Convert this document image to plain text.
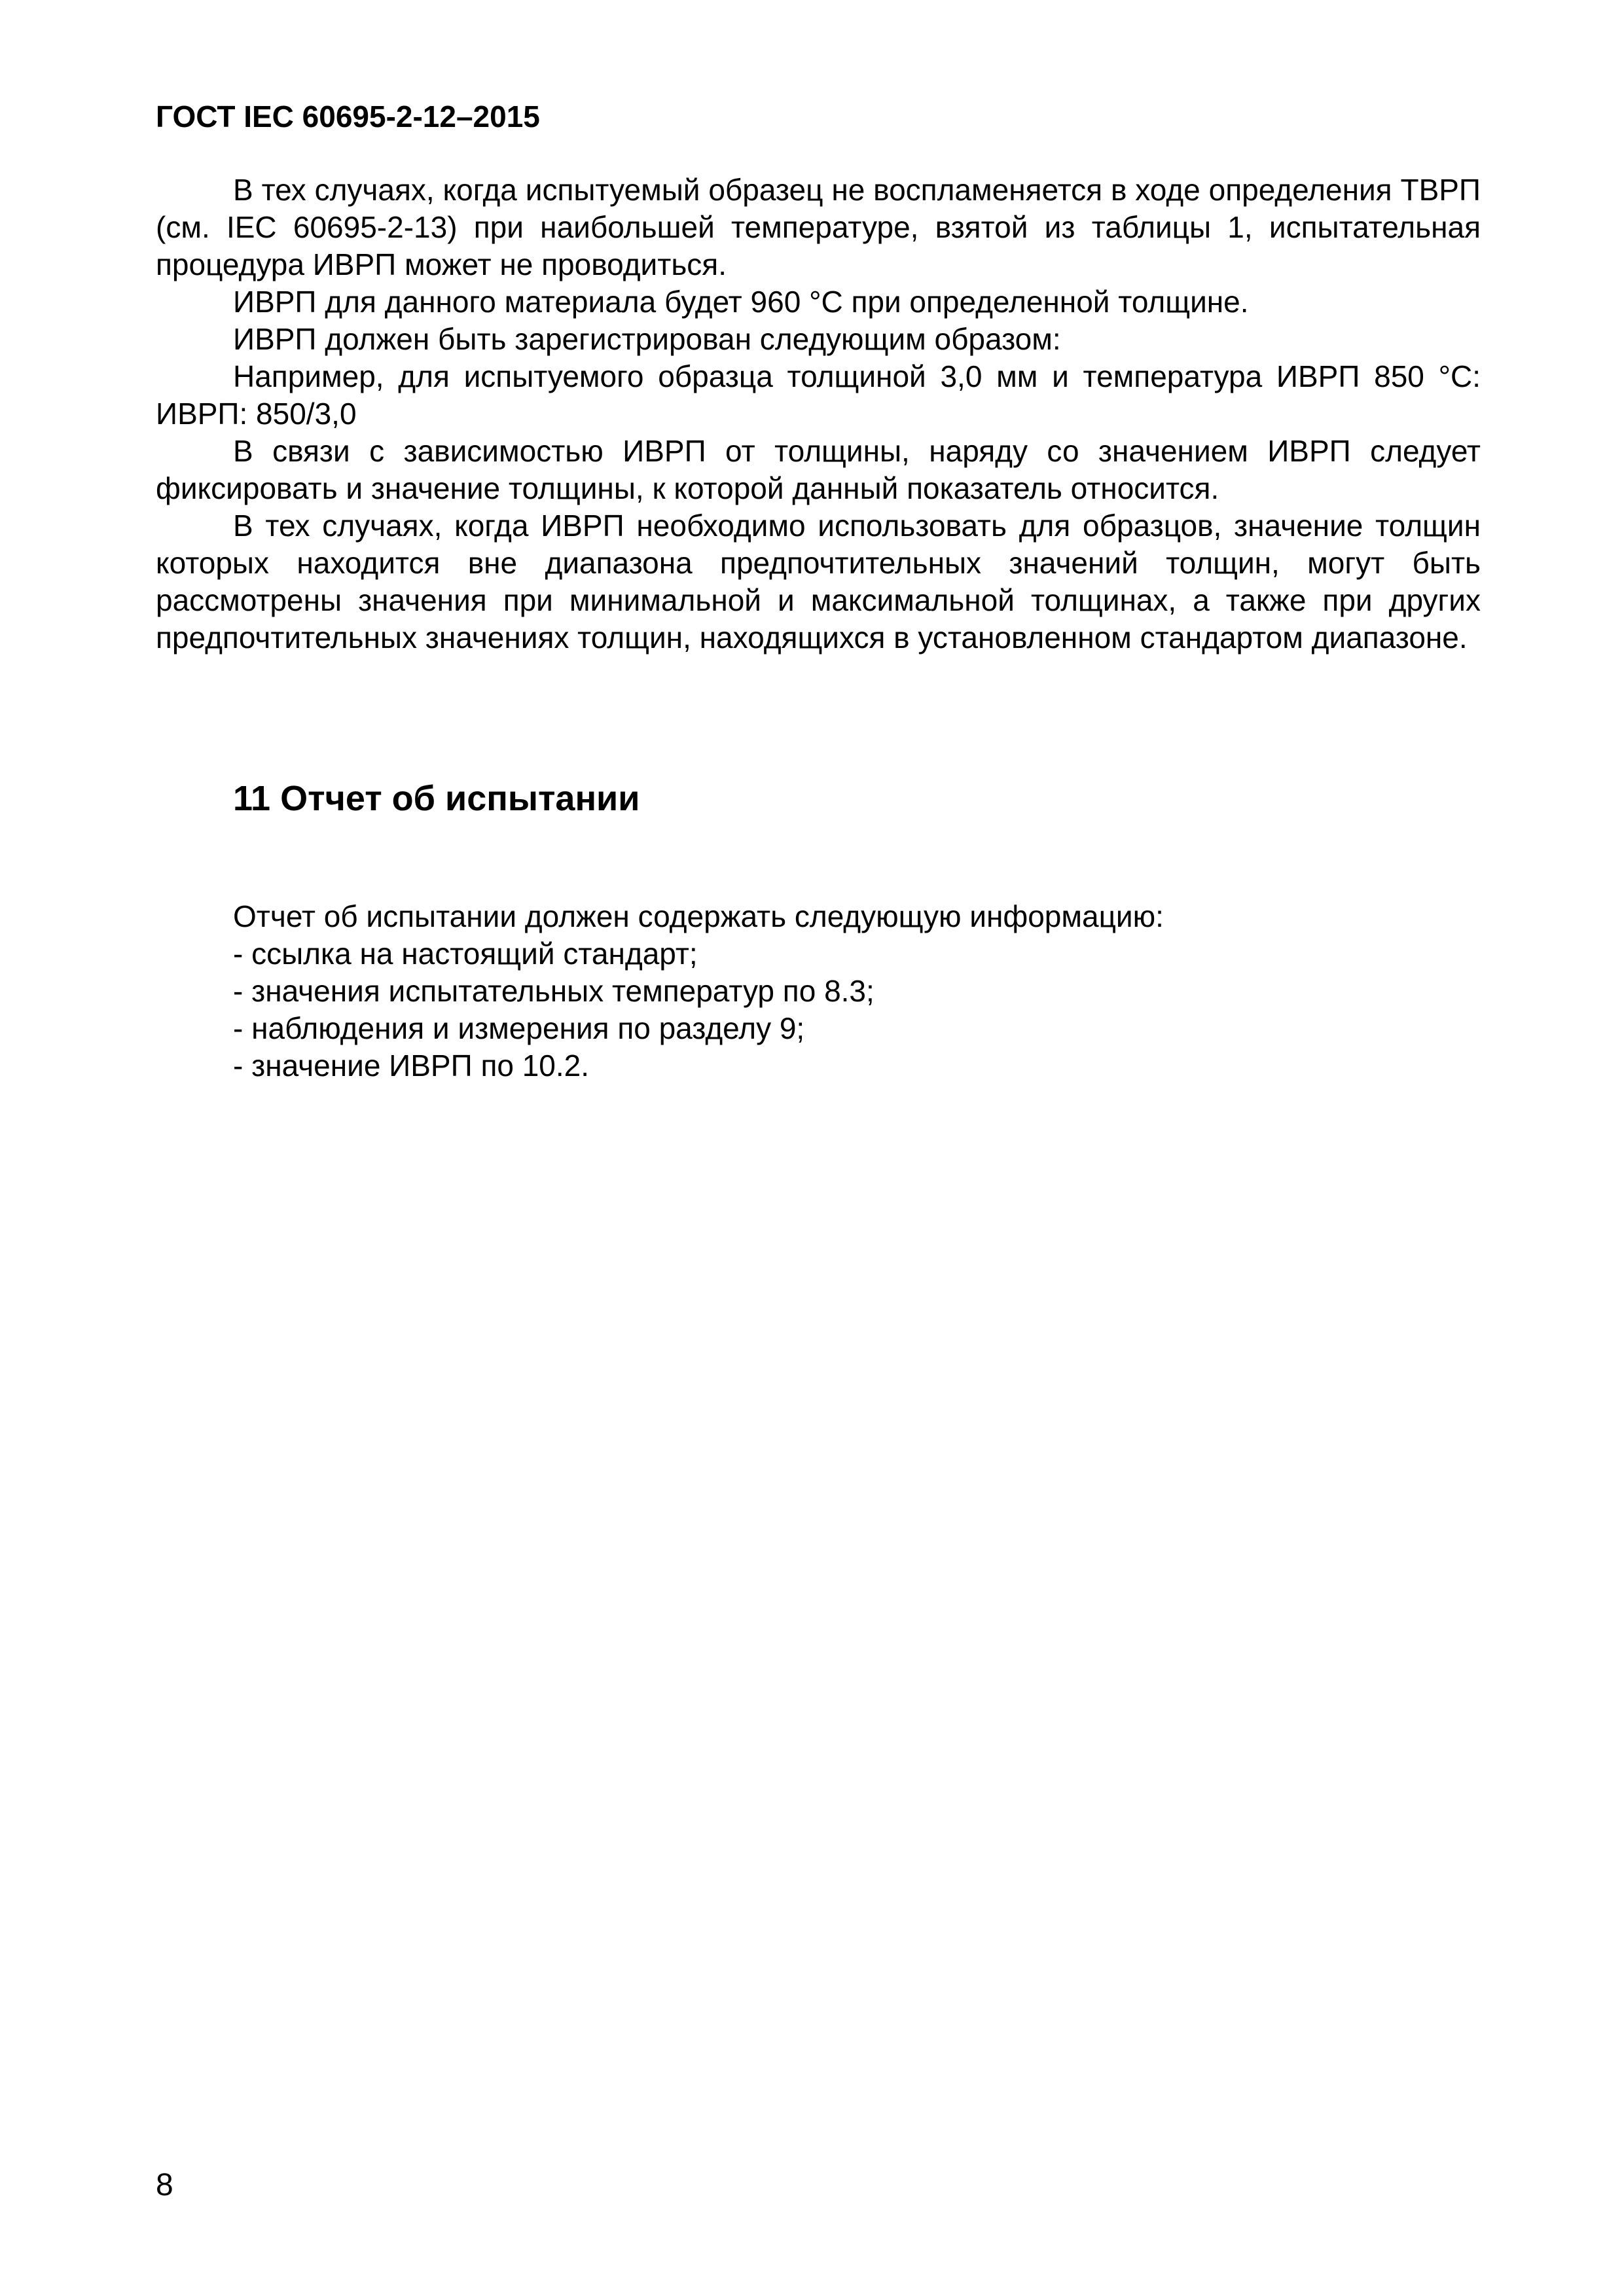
ГОСТ IEC 60695-2-12–2015

В тех случаях, когда испытуемый образец не воспламеняется в ходе определения ТВРП (см. IEC 60695-2-13) при наибольшей температуре, взятой из таблицы 1, испытательная процедура ИВРП может не проводиться.

ИВРП для данного материала будет 960 °С при определенной толщине.

ИВРП должен быть зарегистрирован следующим образом:

Например, для испытуемого образца толщиной 3,0 мм и температура ИВРП 850 °С: ИВРП: 850/3,0

В связи с зависимостью ИВРП от толщины, наряду со значением ИВРП следует фиксировать и значение толщины, к которой данный показатель относится.

В тех случаях, когда ИВРП необходимо использовать для образцов, значение толщин которых находится вне диапазона предпочтительных значений толщин, могут быть рассмотрены значения при минимальной и максимальной толщинах, а также при других предпочтительных значениях толщин, находящихся в установленном стандартом диапазоне.

11 Отчет об испытании

Отчет об испытании должен содержать следующую информацию:

- ссылка на настоящий стандарт;
- значения испытательных температур по 8.3;
- наблюдения и измерения по разделу 9;
- значение ИВРП по 10.2.
8
